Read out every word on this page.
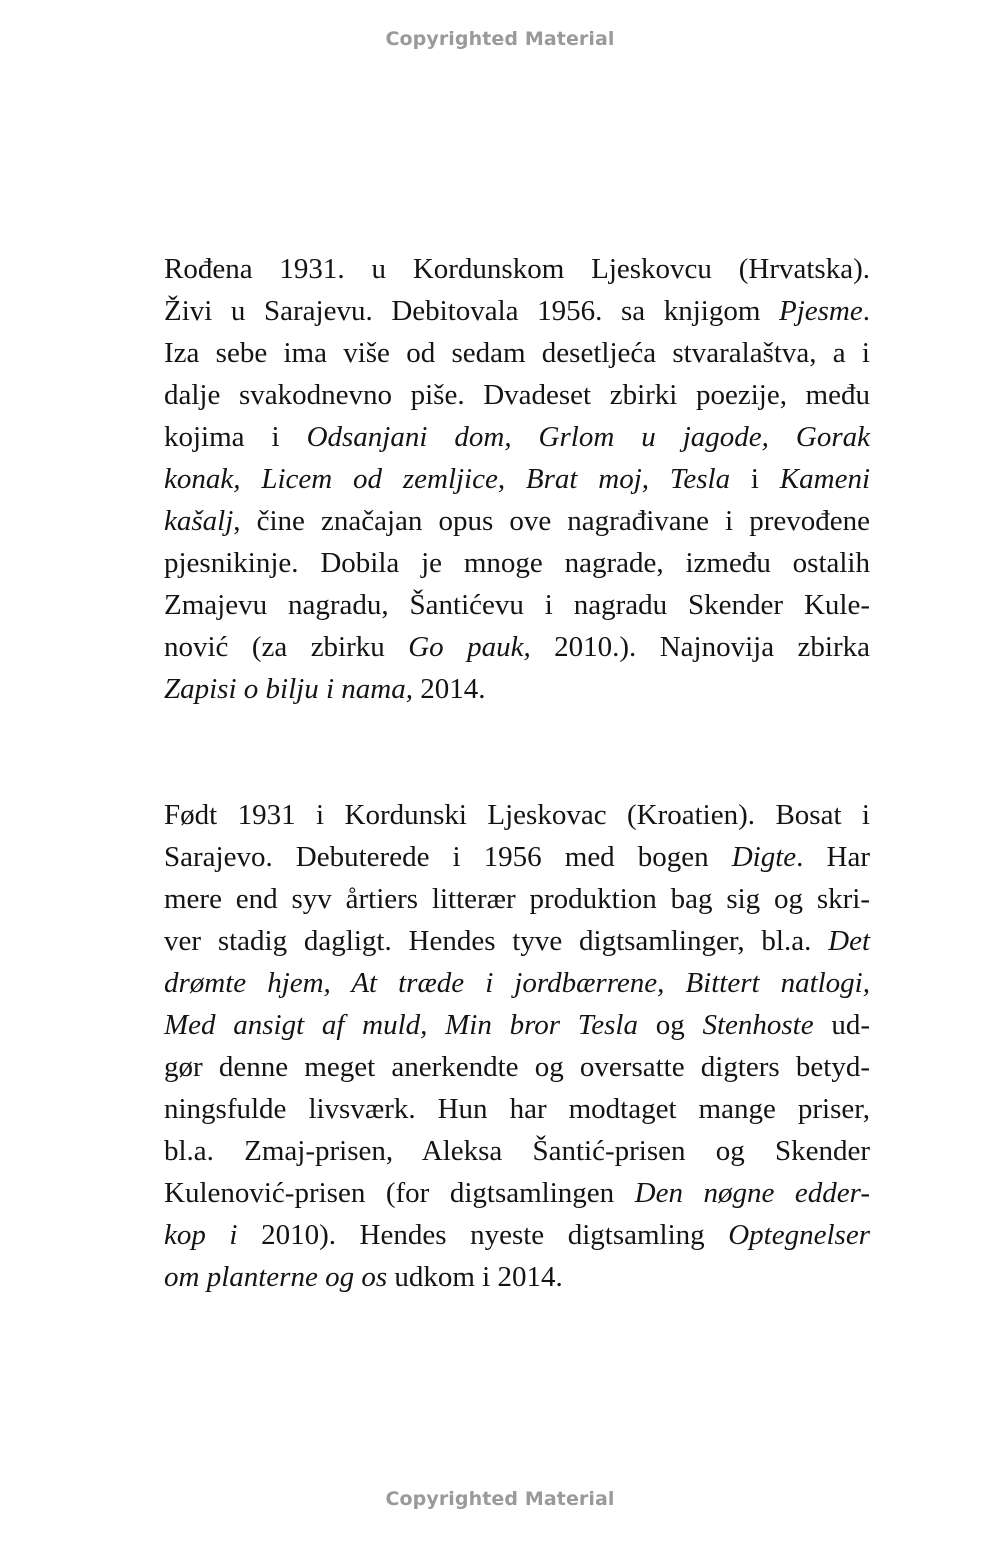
Copyrighted Material
Rođena 1931. u Kordunskom Ljeskovcu (Hrvatska).
Živi u Sarajevu. Debitovala 1956. sa knjigom Pjesme.
Iza sebe ima više od sedam desetljeća stvaralaštva, a i
dalje svakodnevno piše. Dvadeset zbirki poezije, među
kojima i Odsanjani dom, Grlom u jagode, Gorak
konak, Licem od zemljice, Brat moj, Tesla i Kameni
kašalj, čine značajan opus ove nagrađivane i prevođene
pjesnikinje. Dobila je mnoge nagrade, između ostalih
Zmajevu nagradu, Šantićevu i nagradu Skender Kule-
nović (za zbirku Go pauk, 2010.). Najnovija zbirka
Zapisi o bilju i nama, 2014.
Født 1931 i Kordunski Ljeskovac (Kroatien). Bosat i
Sarajevo. Debuterede i 1956 med bogen Digte. Har
mere end syv årtiers litterær produktion bag sig og skri-
ver stadig dagligt. Hendes tyve digtsamlinger, bl.a. Det
drømte hjem, At træde i jordbærrene, Bittert natlogi,
Med ansigt af muld, Min bror Tesla og Stenhoste ud-
gør denne meget anerkendte og oversatte digters betyd-
ningsfulde livsværk. Hun har modtaget mange priser,
bl.a. Zmaj-prisen, Aleksa Šantić-prisen og Skender
Kulenović-prisen (for digtsamlingen Den nøgne edder-
kop i 2010). Hendes nyeste digtsamling Optegnelser
om planterne og os udkom i 2014.
Copyrighted Material
